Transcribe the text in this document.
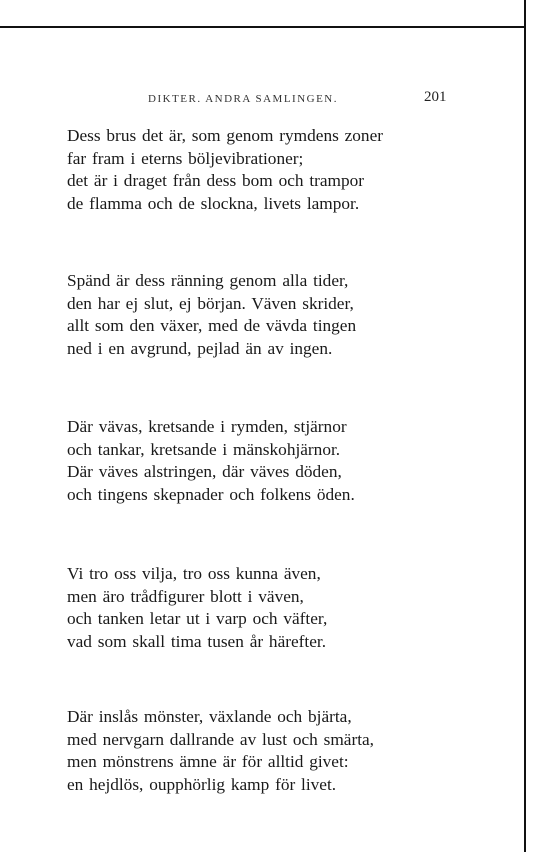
DIKTER. ANDRA SAMLINGEN.	201
Dess brus det är, som genom rymdens zoner
far fram i eterns böljevibrationer;
det är i draget från dess bom och trampor
de flamma och de slockna, livets lampor.
Spänd är dess ränning genom alla tider,
den har ej slut, ej början. Väven skrider,
allt som den växer, med de vävda tingen
ned i en avgrund, pejlad än av ingen.
Där vävas, kretsande i rymden, stjärnor
och tankar, kretsande i mänskohjärnor.
Där väves alstringen, där väves döden,
och tingens skepnader och folkens öden.
Vi tro oss vilja, tro oss kunna även,
men äro trådfigurer blott i väven,
och tanken letar ut i varp och väfter,
vad som skall tima tusen år härefter.
Där inslås mönster, växlande och bjärta,
med nervgarn dallrande av lust och smärta,
men mönstrens ämne är för alltid givet:
en hejdlös, oupphörlig kamp för livet.
